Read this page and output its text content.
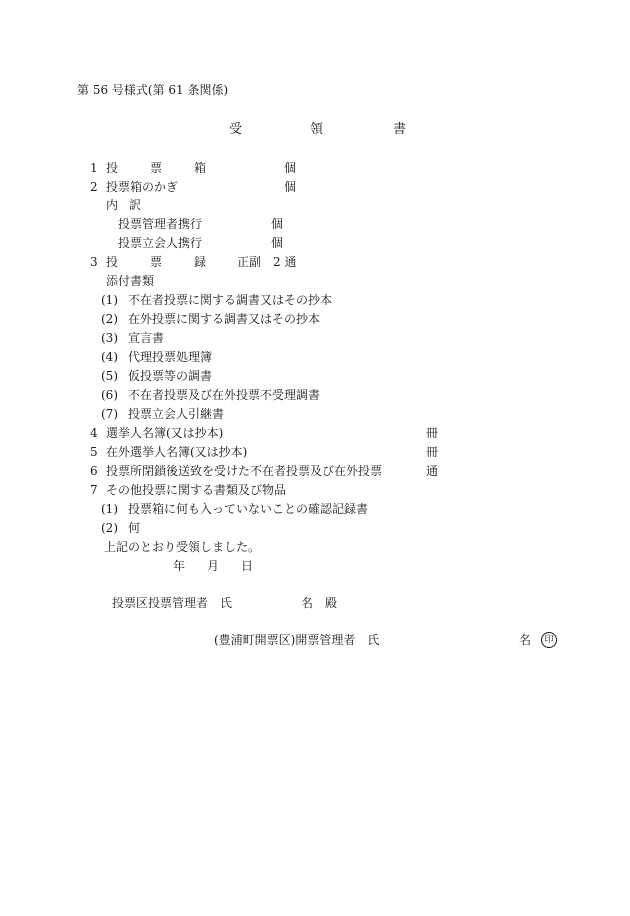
第 56 号様式(第 61 条関係)
受	領	書
1 投	票	箱	個
2 投票箱のかぎ	個
内 訳
投票管理者携行	個
投票立会人携行	個
3 投	票	録	正副　2 通
添付書類
(1) 不在者投票に関する調書又はその抄本
(2) 在外投票に関する調書又はその抄本
(3) 宣言書
(4) 代理投票処理簿
(5) 仮投票等の調書
(6) 不在者投票及び在外投票不受理調書
(7) 投票立会人引継書
4 選挙人名簿(又は抄本)	冊
5 在外選挙人名簿(又は抄本)	冊
6 投票所閉鎖後送致を受けた不在者投票及び在外投票	通
7 その他投票に関する書類及び物品
(1) 投票箱に何も入っていないことの確認記録書
(2) 何
上記のとおり受領しました。
年 月 日
投票区投票管理者　氏	名　殿
(豊浦町開票区)開票管理者　氏	名	印
